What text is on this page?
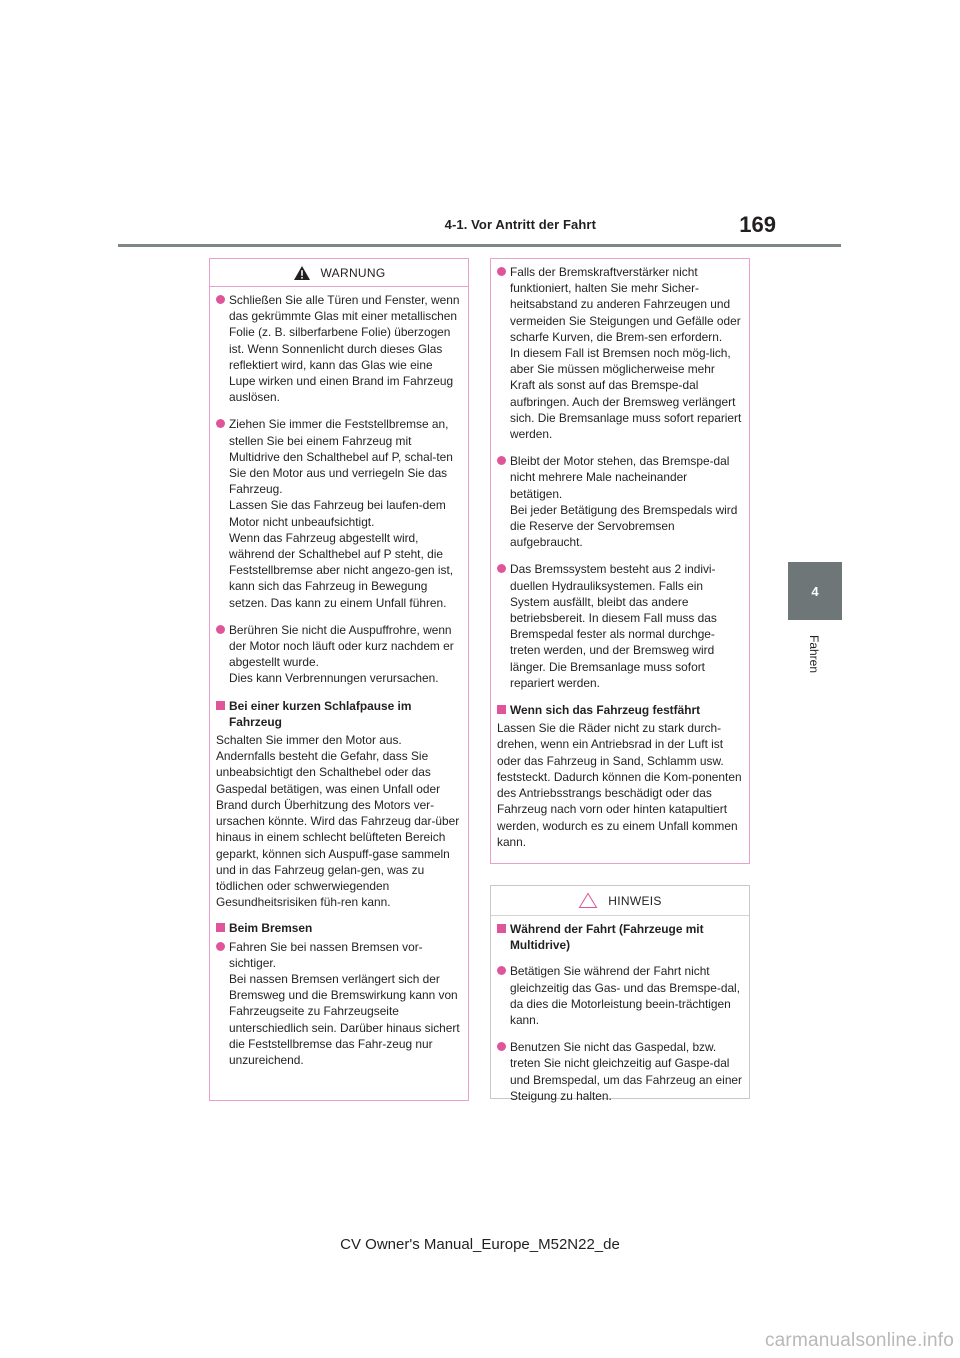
4-1. Vor Antritt der Fahrt	169
4
Fahren
WARNUNG
Schließen Sie alle Türen und Fenster, wenn das gekrümmte Glas mit einer metallischen Folie (z. B. silberfarbene Folie) überzogen ist. Wenn Sonnenlicht durch dieses Glas reflektiert wird, kann das Glas wie eine Lupe wirken und einen Brand im Fahrzeug auslösen.
Ziehen Sie immer die Feststellbremse an, stellen Sie bei einem Fahrzeug mit Multidrive den Schalthebel auf P, schal-ten Sie den Motor aus und verriegeln Sie das Fahrzeug.
Lassen Sie das Fahrzeug bei laufen-dem Motor nicht unbeaufsichtigt.
Wenn das Fahrzeug abgestellt wird, während der Schalthebel auf P steht, die Feststellbremse aber nicht angezo-gen ist, kann sich das Fahrzeug in Bewegung setzen. Das kann zu einem Unfall führen.
Berühren Sie nicht die Auspuffrohre, wenn der Motor noch läuft oder kurz nachdem er abgestellt wurde.
Dies kann Verbrennungen verursachen.
Bei einer kurzen Schlafpause im Fahrzeug
Schalten Sie immer den Motor aus. Andernfalls besteht die Gefahr, dass Sie unbeabsichtigt den Schalthebel oder das Gaspedal betätigen, was einen Unfall oder Brand durch Überhitzung des Motors ver-ursachen könnte. Wird das Fahrzeug dar-über hinaus in einem schlecht belüfteten Bereich geparkt, können sich Auspuff-gase sammeln und in das Fahrzeug gelan-gen, was zu tödlichen oder schwerwiegenden Gesundheitsrisiken füh-ren kann.
Beim Bremsen
Fahren Sie bei nassen Bremsen vor-sichtiger.
Bei nassen Bremsen verlängert sich der Bremsweg und die Bremswirkung kann von Fahrzeugseite zu Fahrzeugseite unterschiedlich sein. Darüber hinaus sichert die Feststellbremse das Fahr-zeug nur unzureichend.
Falls der Bremskraftverstärker nicht funktioniert, halten Sie mehr Sicher-heitsabstand zu anderen Fahrzeugen und vermeiden Sie Steigungen und Gefälle oder scharfe Kurven, die Brem-sen erfordern.
In diesem Fall ist Bremsen noch mög-lich, aber Sie müssen möglicherweise mehr Kraft als sonst auf das Bremspe-dal aufbringen. Auch der Bremsweg verlängert sich. Die Bremsanlage muss sofort repariert werden.
Bleibt der Motor stehen, das Bremspe-dal nicht mehrere Male nacheinander betätigen.
Bei jeder Betätigung des Bremspedals wird die Reserve der Servobremsen aufgebraucht.
Das Bremssystem besteht aus 2 indivi-duellen Hydrauliksystemen. Falls ein System ausfällt, bleibt das andere betriebsbereit. In diesem Fall muss das Bremspedal fester als normal durchge-treten werden, und der Bremsweg wird länger. Die Bremsanlage muss sofort repariert werden.
Wenn sich das Fahrzeug festfährt
Lassen Sie die Räder nicht zu stark durch-drehen, wenn ein Antriebsrad in der Luft ist oder das Fahrzeug in Sand, Schlamm usw. feststeckt. Dadurch können die Kom-ponenten des Antriebsstrangs beschädigt oder das Fahrzeug nach vorn oder hinten katapultiert werden, wodurch es zu einem Unfall kommen kann.
HINWEIS
Während der Fahrt (Fahrzeuge mit Multidrive)
Betätigen Sie während der Fahrt nicht gleichzeitig das Gas- und das Bremspe-dal, da dies die Motorleistung beein-trächtigen kann.
Benutzen Sie nicht das Gaspedal, bzw. treten Sie nicht gleichzeitig auf Gaspe-dal und Bremspedal, um das Fahrzeug an einer Steigung zu halten.
CV Owner's Manual_Europe_M52N22_de
carmanualsonline.info
